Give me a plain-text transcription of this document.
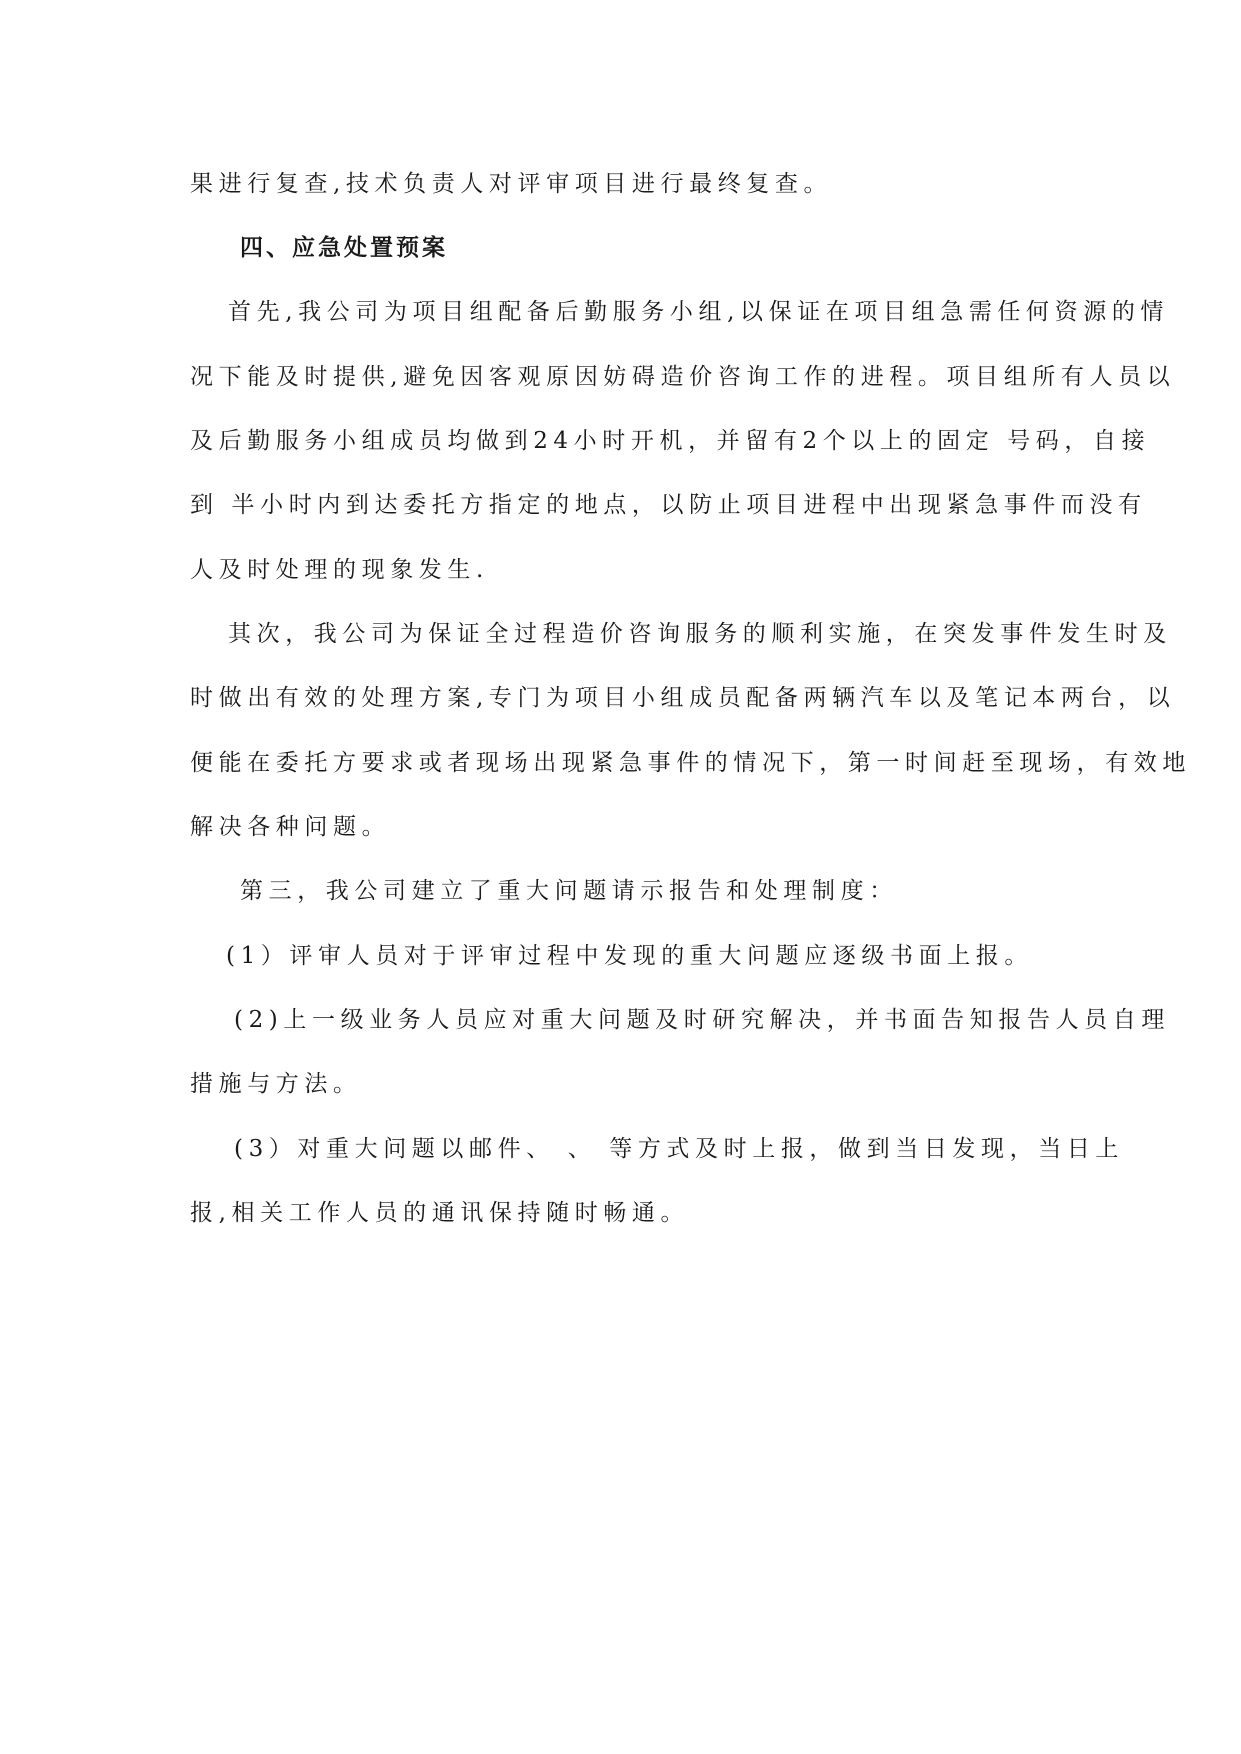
果进行复查,技术负责人对评审项目进行最终复查。
四、应急处置预案
首先,我公司为项目组配备后勤服务小组,以保证在项目组急需任何资源的情
况下能及时提供,避免因客观原因妨碍造价咨询工作的进程。项目组所有人员以
及后勤服务小组成员均做到24小时开机，并留有2个以上的固定 号码，自接
到 半小时内到达委托方指定的地点，以防止项目进程中出现紧急事件而没有
人及时处理的现象发生.
其次，我公司为保证全过程造价咨询服务的顺利实施，在突发事件发生时及
时做出有效的处理方案,专门为项目小组成员配备两辆汽车以及笔记本两台，以
便能在委托方要求或者现场出现紧急事件的情况下，第一时间赶至现场，有效地
解决各种问题。
第三，我公司建立了重大问题请示报告和处理制度：
(1）评审人员对于评审过程中发现的重大问题应逐级书面上报。
(2)上一级业务人员应对重大问题及时研究解决，并书面告知报告人员自理
措施与方法。
(3）对重大问题以邮件、 、 等方式及时上报，做到当日发现，当日上
报,相关工作人员的通讯保持随时畅通。
